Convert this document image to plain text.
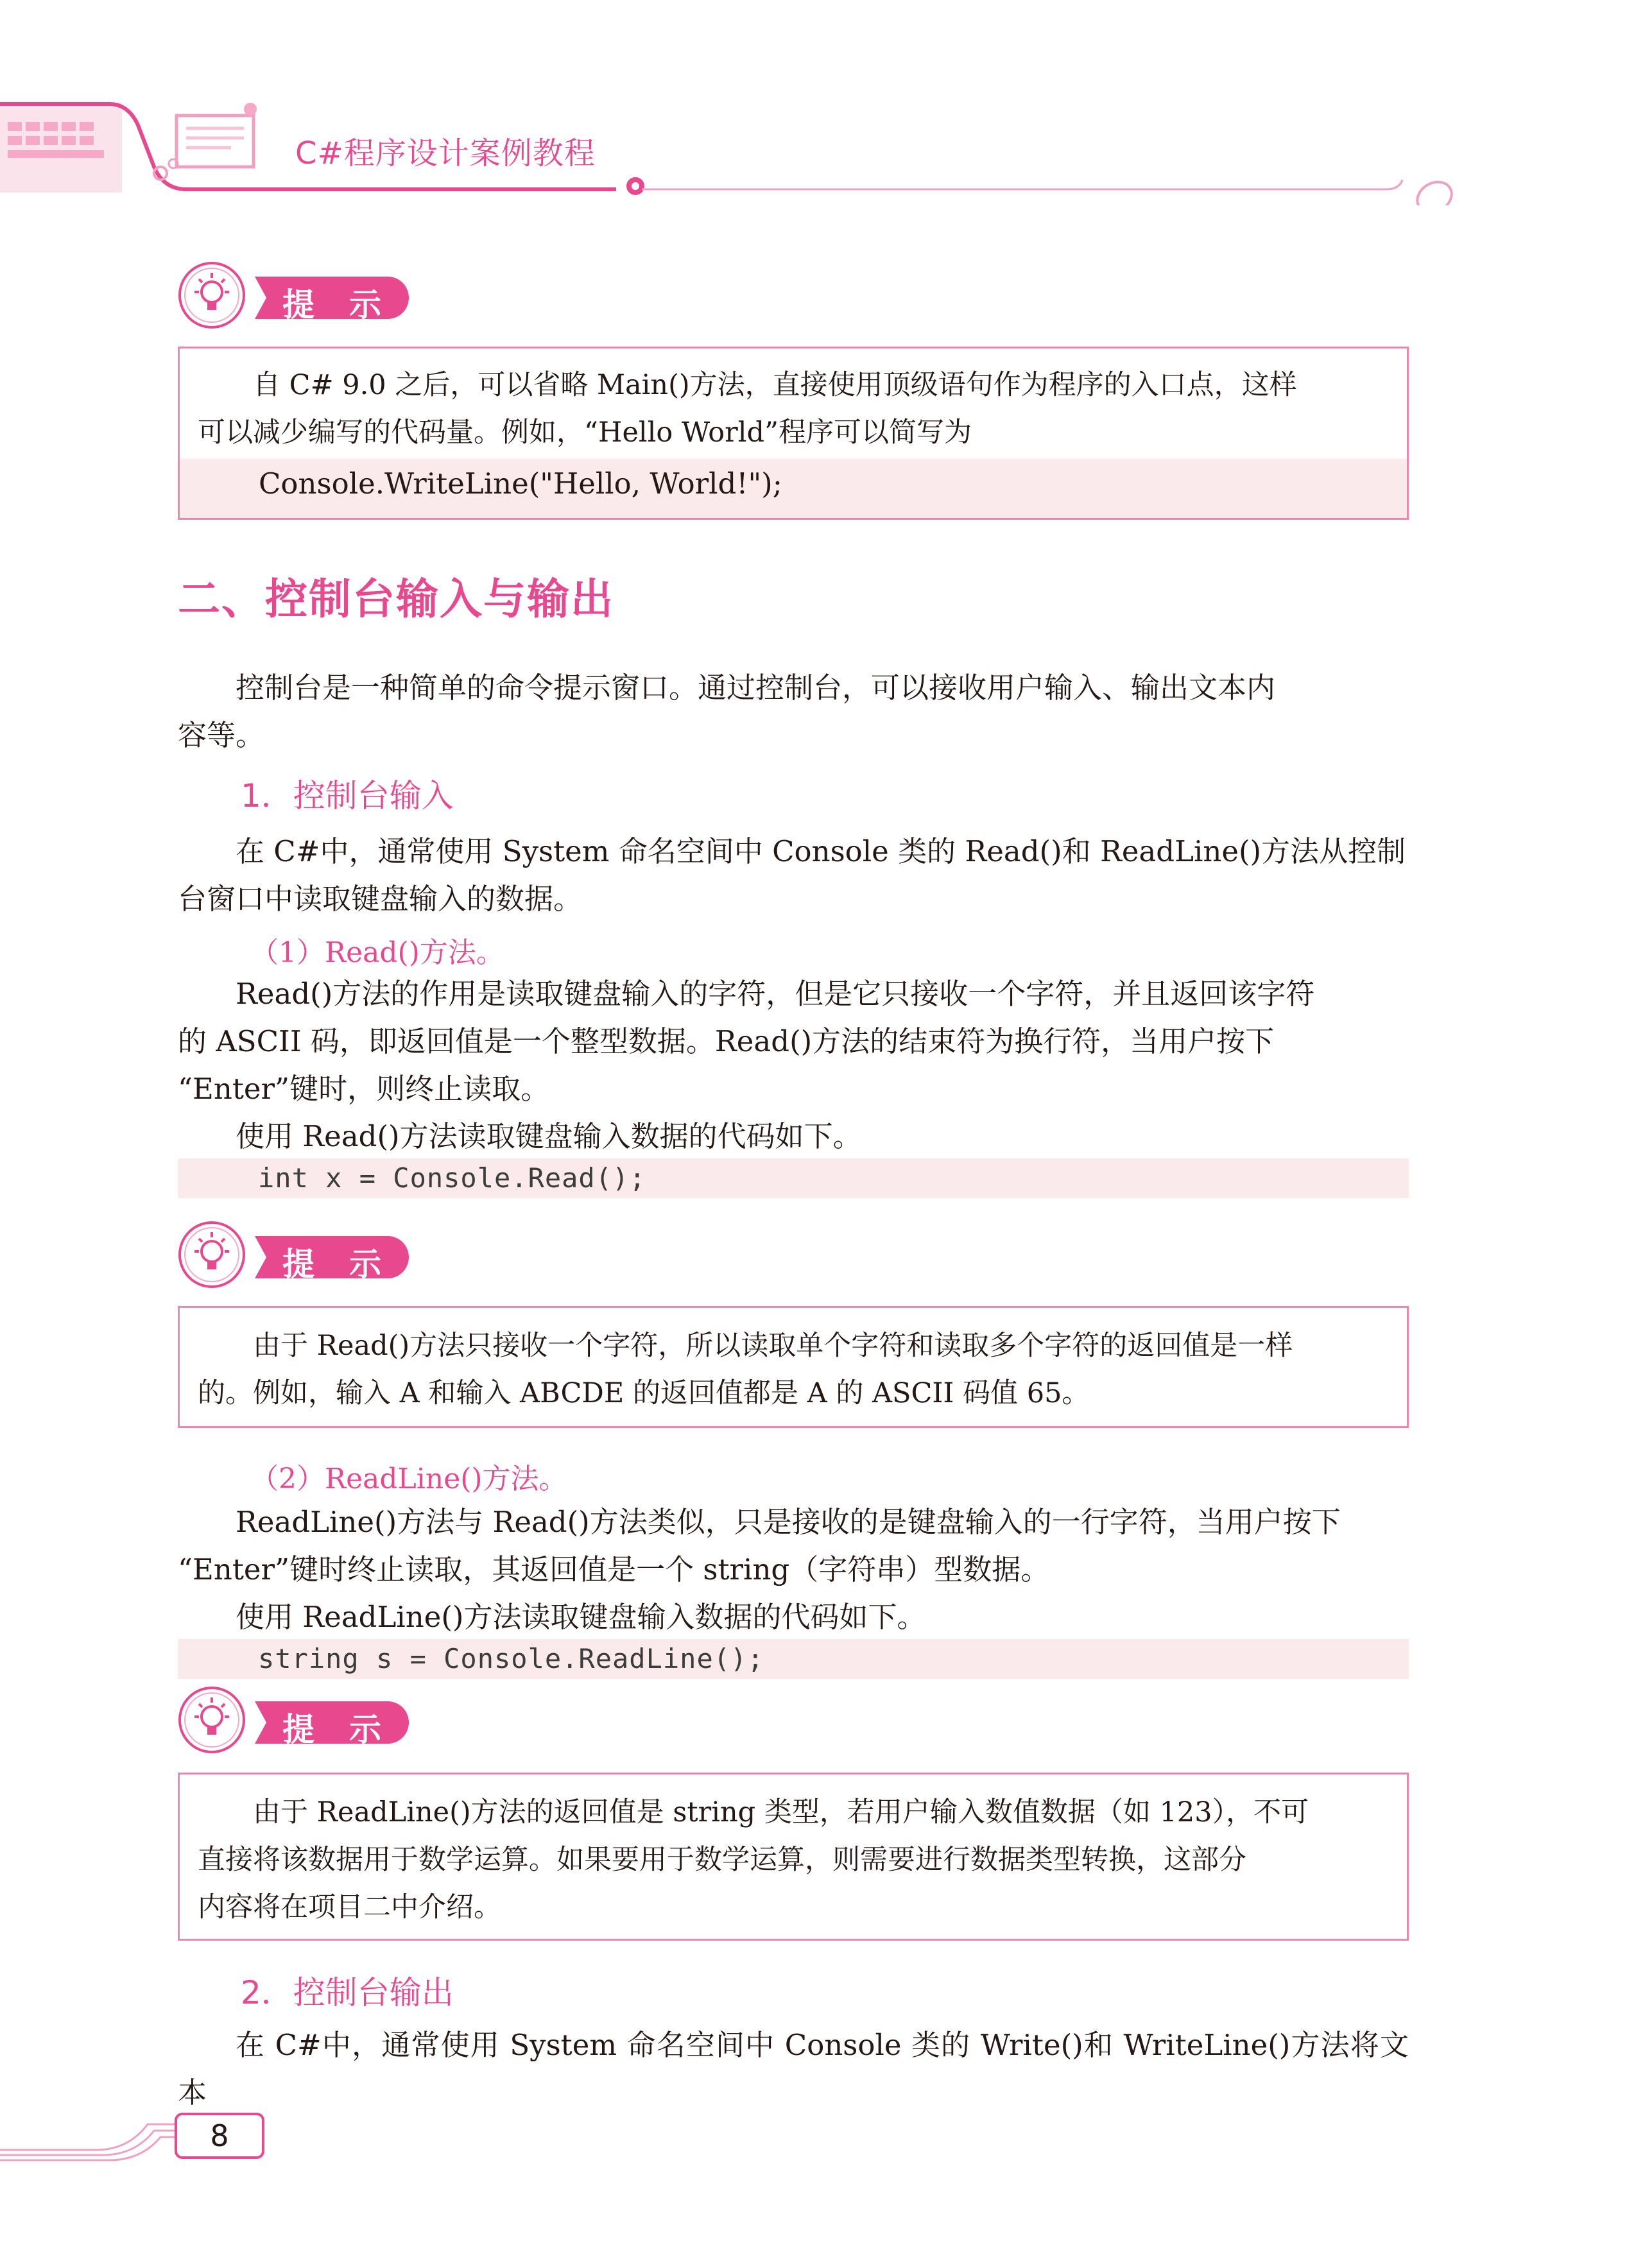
C#程序设计案例教程
提　示

自 C# 9.0 之后，可以省略 Main()方法，直接使用顶级语句作为程序的入口点，这样

可以减少编写的代码量。例如，“Hello World”程序可以简写为

Console.WriteLine("Hello, World!");
二、控制台输入与输出

控制台是一种简单的命令提示窗口。通过控制台，可以接收用户输入、输出文本内

容等。

1．控制台输入

在 C#中，通常使用 System 命名空间中 Console 类的 Read()和 ReadLine()方法从控制

台窗口中读取键盘输入的数据。

（1）Read()方法。

Read()方法的作用是读取键盘输入的字符，但是它只接收一个字符，并且返回该字符

的 ASCII 码，即返回值是一个整型数据。Read()方法的结束符为换行符，当用户按下

“Enter”键时，则终止读取。

使用 Read()方法读取键盘输入数据的代码如下。

int x = Console.Read();
提　示

由于 Read()方法只接收一个字符，所以读取单个字符和读取多个字符的返回值是一样

的。例如，输入 A 和输入 ABCDE 的返回值都是 A 的 ASCII 码值 65。

（2）ReadLine()方法。

ReadLine()方法与 Read()方法类似，只是接收的是键盘输入的一行字符，当用户按下

“Enter”键时终止读取，其返回值是一个 string（字符串）型数据。

使用 ReadLine()方法读取键盘输入数据的代码如下。

string s = Console.ReadLine();
提　示

由于 ReadLine()方法的返回值是 string 类型，若用户输入数值数据（如 123），不可

直接将该数据用于数学运算。如果要用于数学运算，则需要进行数据类型转换，这部分

内容将在项目二中介绍。

2．控制台输出

在 C#中，通常使用 System 命名空间中 Console 类的 Write()和 WriteLine()方法将文本

8
